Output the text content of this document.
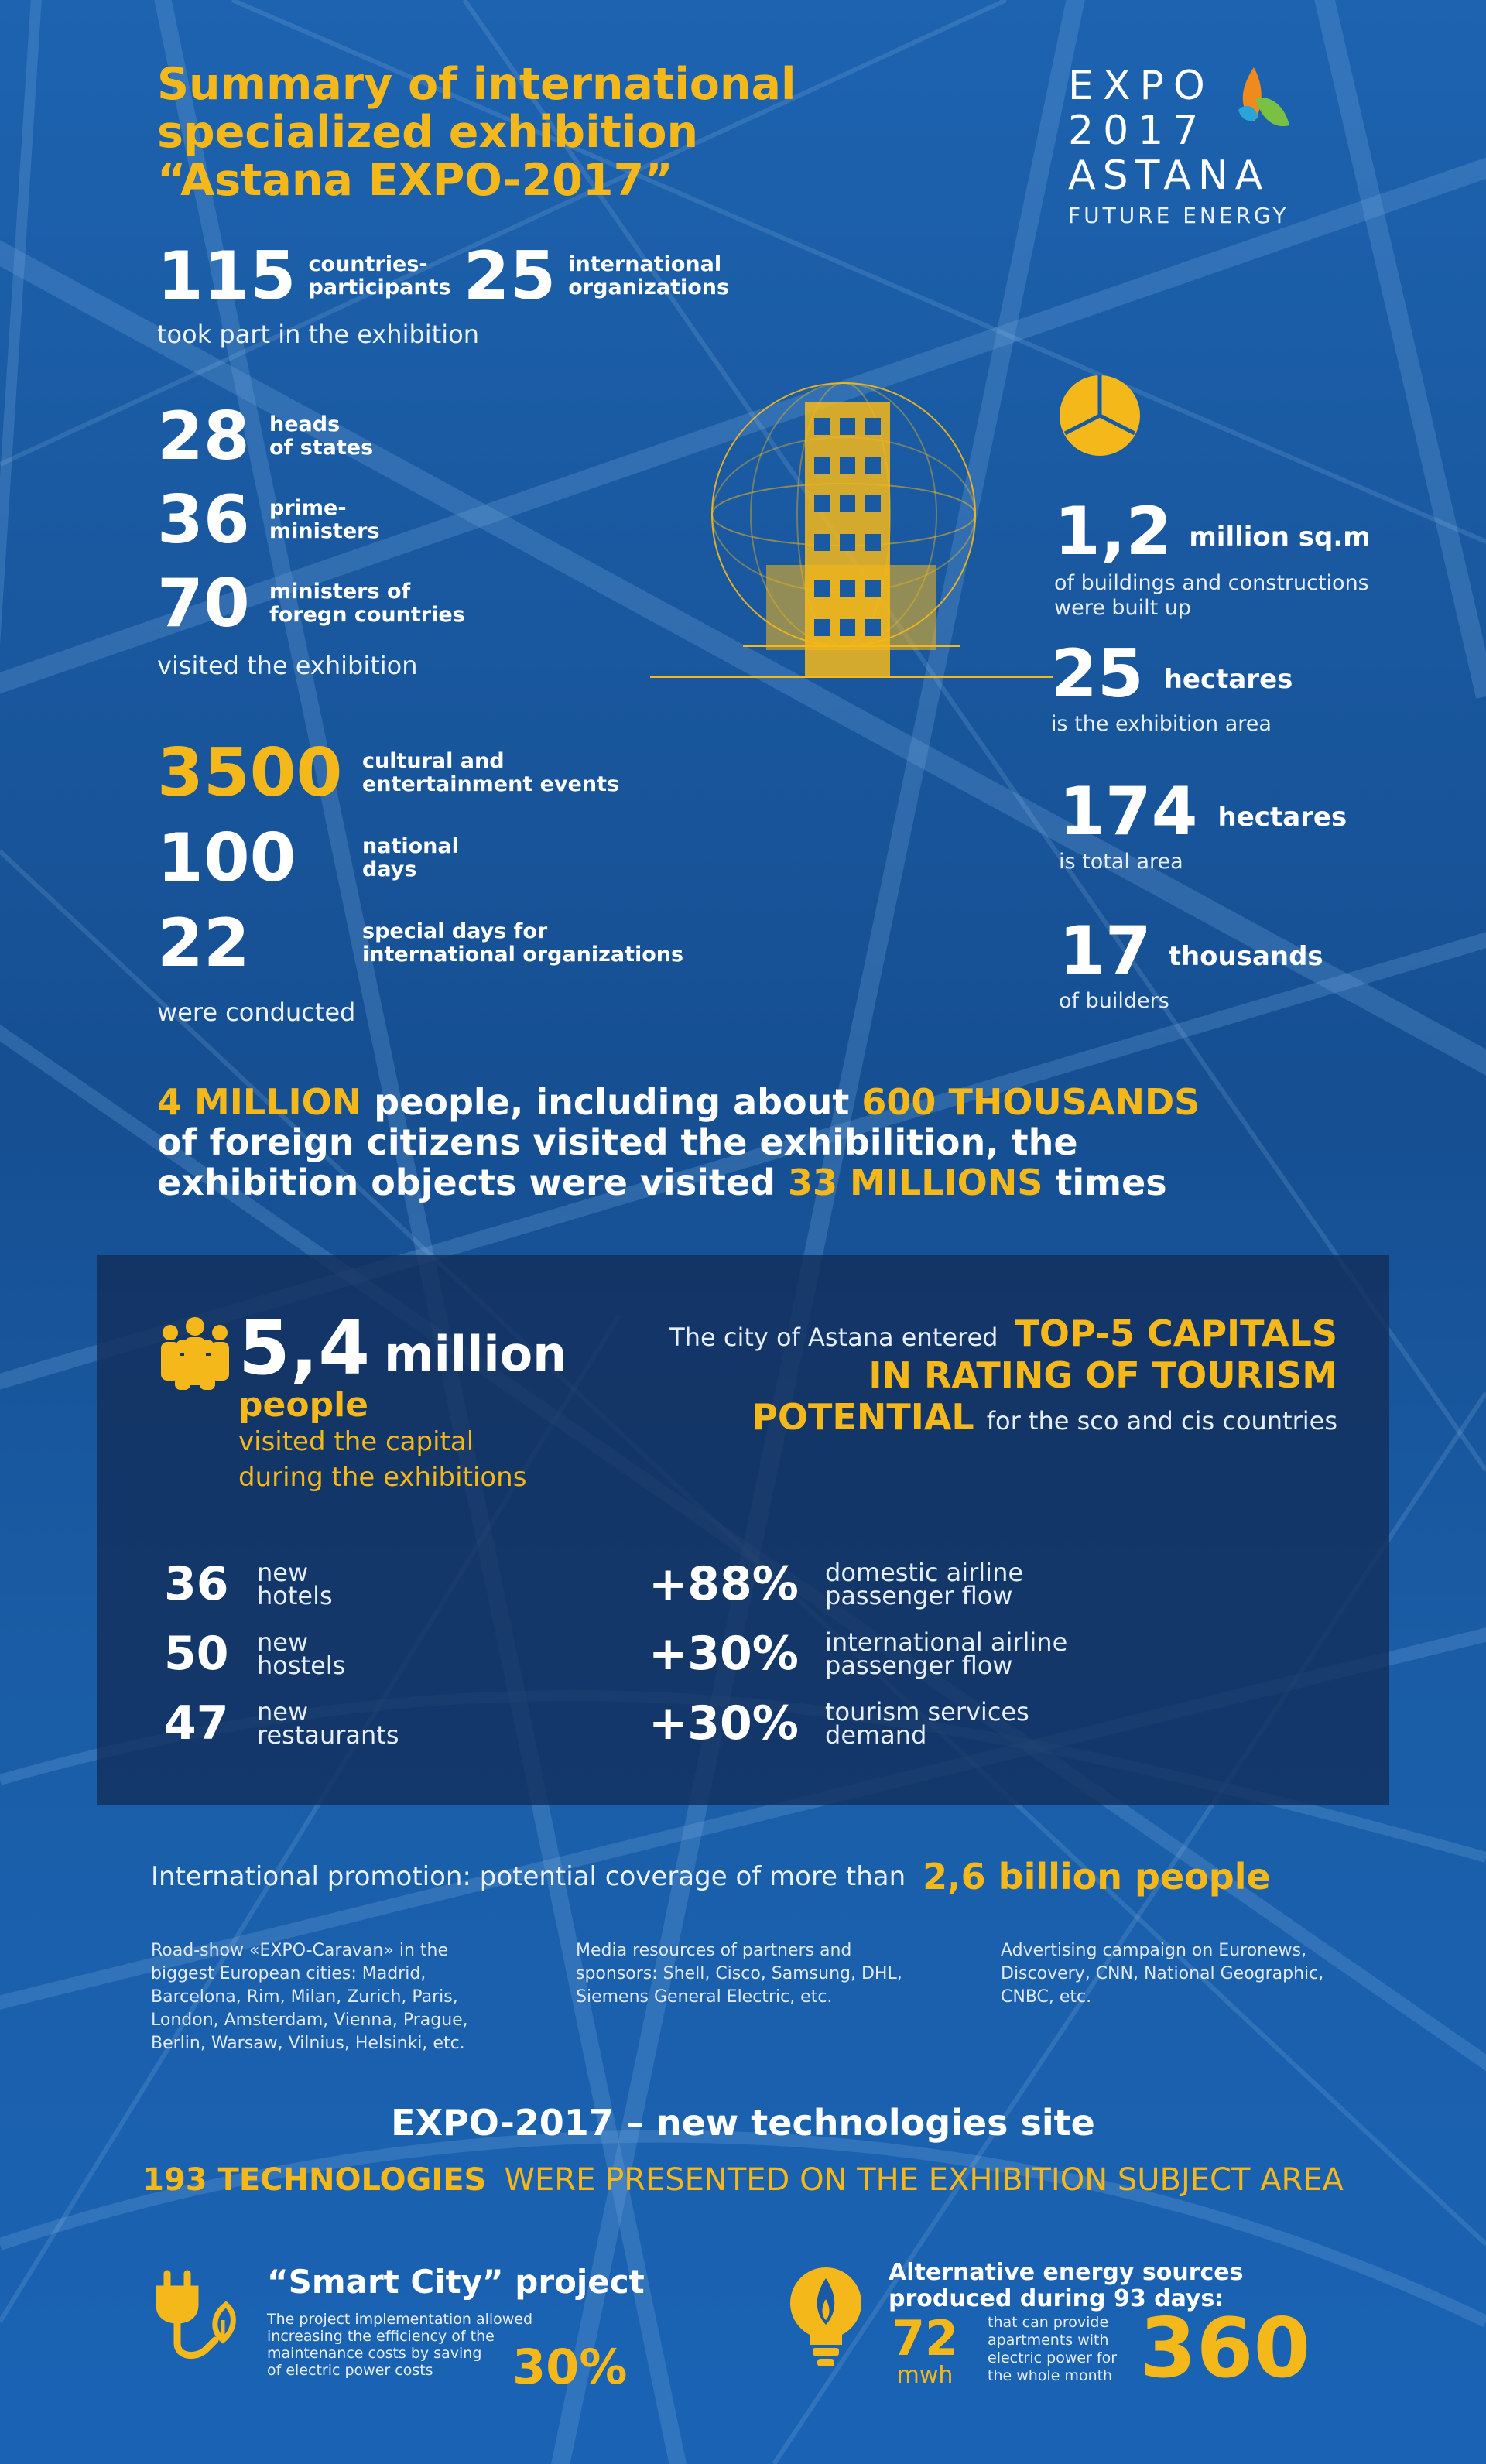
Summary of international
specialized exhibition
“Astana EXPO-2017”
EXPO
2017
ASTANA
FUTURE ENERGY
115 countries-
participants 25 international
organizations
took part in the exhibition
28 heads
of states
36 prime-
ministers
70 ministers of
foregn countries
visited the exhibition
3500 cultural and
entertainment events
100	national
days
22	special days for
international organizations
were conducted
1,2 million sq.m
of buildings and constructions
were built up
25 hectares
is the exhibition area
174 hectares
is total area
17 thousands
of builders
4 MILLION people, including about 600 THOUSANDS
of foreign citizens visited the exhibilition, the
exhibition objects were visited 33 MILLIONS times
5,4 million
people
visited the capital
during the exhibitions
The city of Astana entered TOP-5 CAPITALS
IN RATING OF TOURISM
POTENTIAL for the sco and cis countries
36	new
hotels
50	new
hostels
47	new
restaurants
+88%	domestic airline
passenger flow
+30%	international airline
passenger flow
+30%	tourism services
demand
International promotion: potential coverage of more than 2,6 billion people
Road-show «EXPO-Caravan» in the
biggest European cities: Madrid,
Barcelona, Rim, Milan, Zurich, Paris,
London, Amsterdam, Vienna, Prague,
Berlin, Warsaw, Vilnius, Helsinki, etc.
Media resources of partners and
sponsors: Shell, Cisco, Samsung, DHL,
Siemens General Electric, etc.
Advertising campaign on Euronews,
Discovery, CNN, National Geographic,
CNBC, etc.
EXPO-2017 – new technologies site
193 TECHNOLOGIES WERE PRESENTED ON THE EXHIBITION SUBJECT AREA
“Smart City” project
The project implementation allowed
increasing the efficiency of the
maintenance costs by saving
of electric power costs	30%
Alternative energy sources
produced during 93 days:
72
mwh
that can provide
apartments with
electric power for
the whole month 360
